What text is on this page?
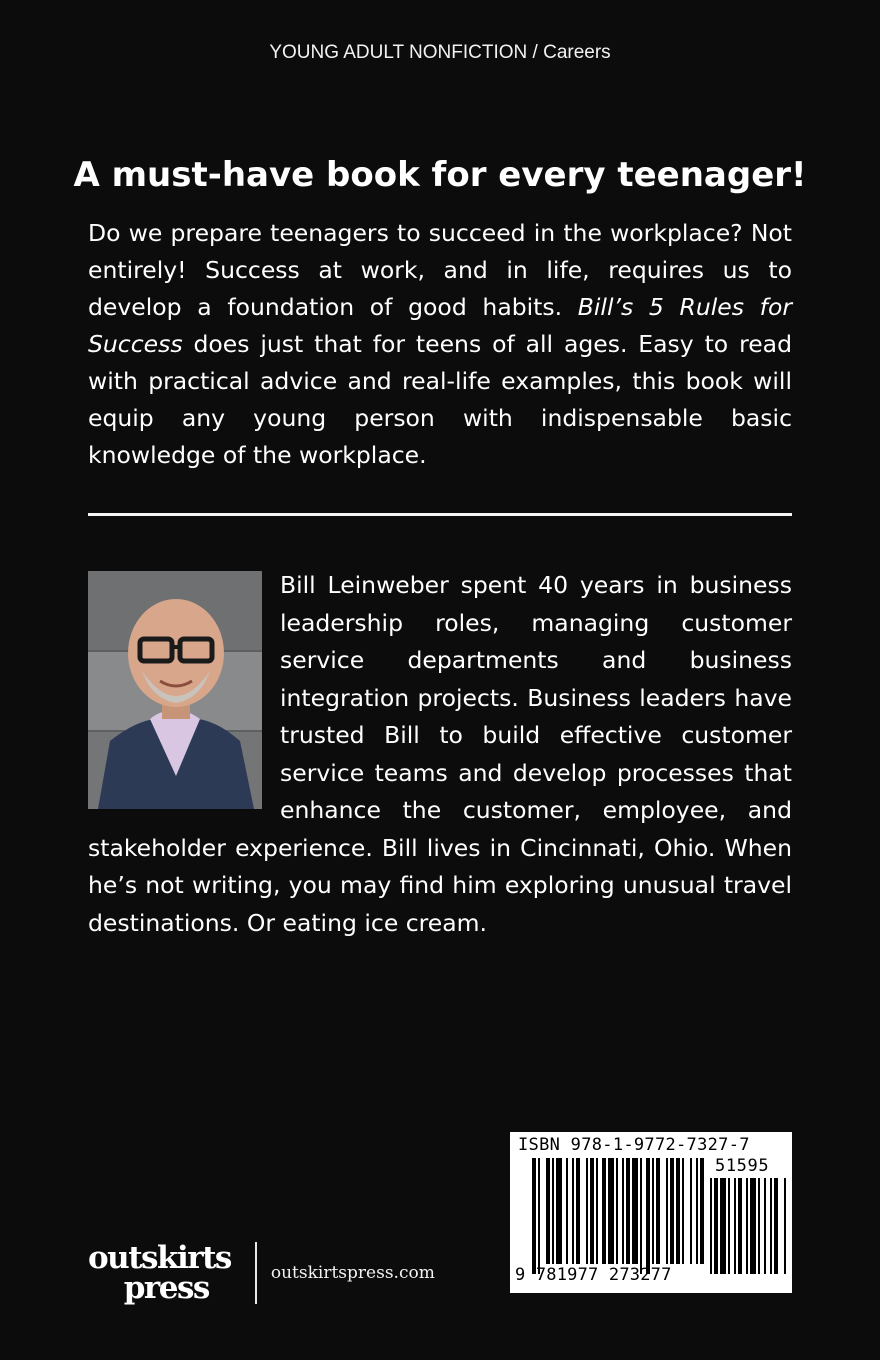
YOUNG ADULT NONFICTION / Careers
A must-have book for every teenager!

Do we prepare teenagers to succeed in the workplace? Not entirely! Success at work, and in life, requires us to develop a foundation of good habits. Bill’s 5 Rules for Success does just that for teens of all ages. Easy to read with practical advice and real-life examples, this book will equip any young person with indispensable basic knowledge of the workplace.

Bill Leinweber spent 40 years in business leadership roles, managing customer service departments and business integration projects. Business leaders have trusted Bill to build effective customer service teams and develop processes that enhance the customer, employee, and stakeholder experience. Bill lives in Cincinnati, Ohio. When he’s not writing, you may find him exploring unusual travel destinations. Or eating ice cream.
outskirts
press	outskirtspress.com
ISBN 978-1-9772-7327-7
51595
9 781977 273277
